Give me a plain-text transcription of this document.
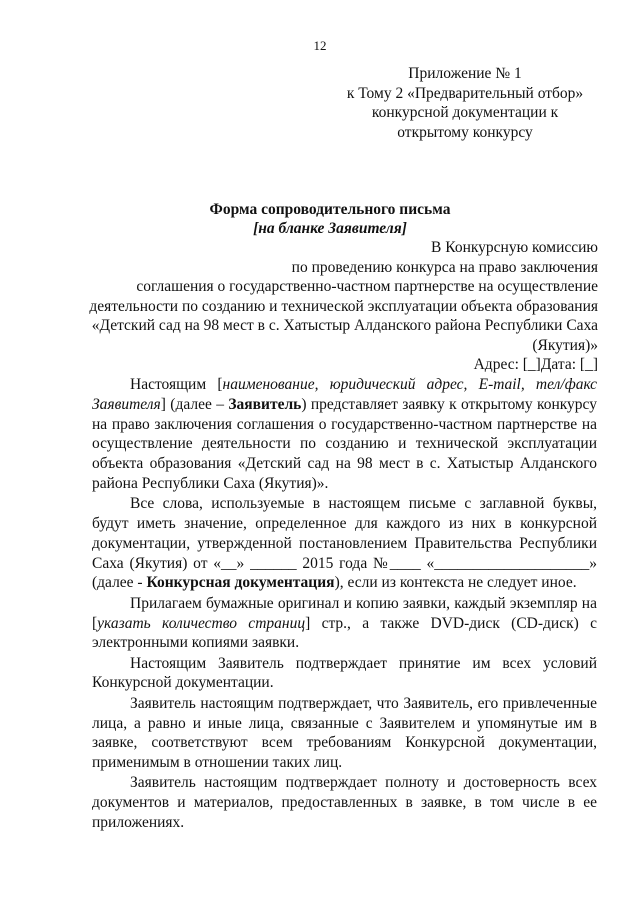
12
Приложение № 1
к Тому 2 «Предварительный отбор»
конкурсной документации к
открытому конкурсу
Форма сопроводительного письма
[на бланке Заявителя]
В Конкурсную комиссию
по проведению конкурса на право заключения
соглашения о государственно-частном партнерстве на осуществление
деятельности по созданию и технической эксплуатации объекта образования
«Детский сад на 98 мест в с. Хатыстыр Алданского района Республики Саха
(Якутия)»
Адрес: [_]Дата: [_]

Настоящим [наименование, юридический адрес, E-mail, тел/факс Заявителя] (далее – Заявитель) представляет заявку к открытому конкурсу на право заключения соглашения о государственно-частном партнерстве на осуществление деятельности по созданию и технической эксплуатации объекта образования «Детский сад на 98 мест в с. Хатыстыр Алданского района Республики Саха (Якутия)».

Все слова, используемые в настоящем письме с заглавной буквы, будут иметь значение, определенное для каждого из них в конкурсной документации, утвержденной постановлением Правительства Республики Саха (Якутия) от «__» ______ 2015 года №____ «____________________» (далее - Конкурсная документация), если из контекста не следует иное.

Прилагаем бумажные оригинал и копию заявки, каждый экземпляр на [указать количество страниц] стр., а также DVD-диск (CD-диск) с электронными копиями заявки.

Настоящим Заявитель подтверждает принятие им всех условий Конкурсной документации.

Заявитель настоящим подтверждает, что Заявитель, его привлеченные лица, а равно и иные лица, связанные с Заявителем и упомянутые им в заявке, соответствуют всем требованиям Конкурсной документации, применимым в отношении таких лиц.

Заявитель настоящим подтверждает полноту и достоверность всех документов и материалов, предоставленных в заявке, в том числе в ее приложениях.
